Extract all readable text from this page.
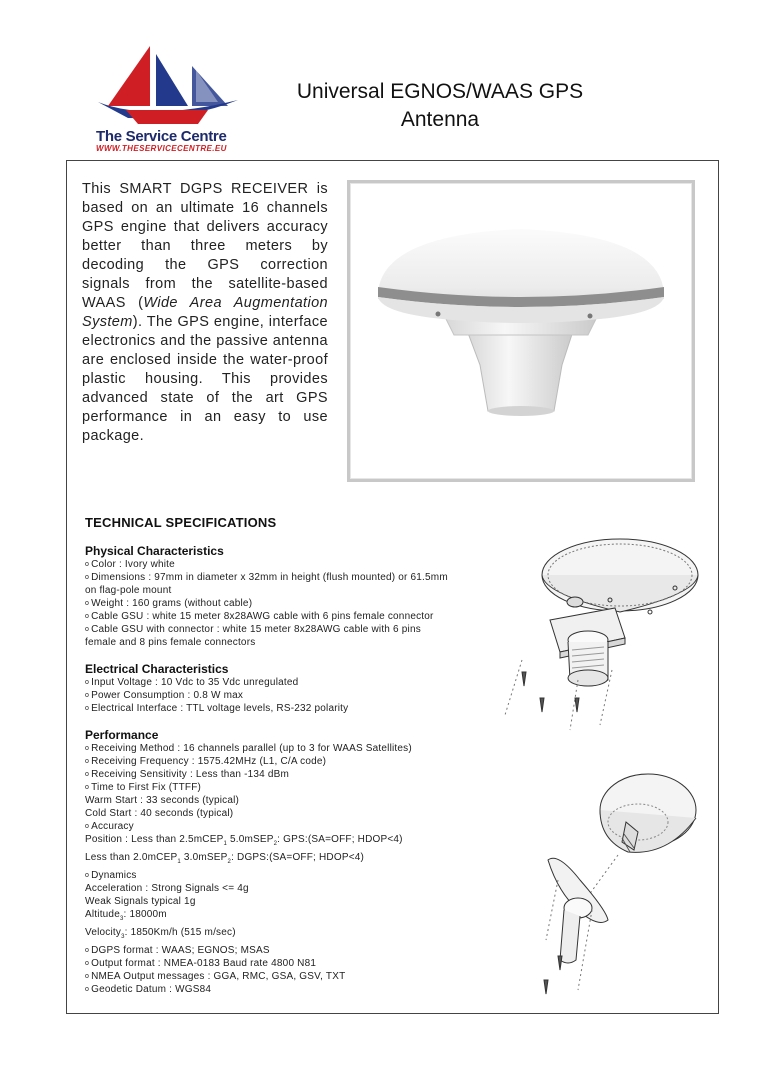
The Service Centre
WWW.THESERVICECENTRE.EU
Universal EGNOS/WAAS GPS
Antenna

This SMART DGPS RECEIVER is based on an ultimate 16 channels GPS engine that delivers accuracy better than three meters by decoding the GPS correction signals from the satellite-based WAAS (Wide Area Augmentation System). The GPS engine, interface electronics and the passive antenna are enclosed inside the water-proof plastic housing. This provides advanced state of the art GPS performance in an easy to use package.

TECHNICAL SPECIFICATIONS
Physical Characteristics
o Color : Ivory white
o Dimensions : 97mm in diameter x 32mm in height (flush mounted) or 61.5mm on flag-pole mount
o Weight : 160 grams (without cable)
o Cable GSU : white 15 meter 8x28AWG cable with 6 pins female connector
o Cable GSU with connector : white 15 meter 8x28AWG cable with 6 pins female and 8 pins female connectors
Electrical Characteristics
o Input Voltage : 10 Vdc to 35 Vdc unregulated
o Power Consumption : 0.8 W max
o Electrical Interface : TTL voltage levels, RS-232 polarity
Performance
o Receiving Method : 16 channels parallel (up to 3 for WAAS Satellites)
o Receiving Frequency : 1575.42MHz (L1, C/A code)
o Receiving Sensitivity : Less than -134 dBm
o Time to First Fix (TTFF)
Warm Start : 33 seconds (typical)
Cold Start : 40 seconds (typical)
o Accuracy
Position : Less than 2.5mCEP$_1$ 5.0mSEP$_2$: GPS:(SA=OFF; HDOP<4)
Less than 2.0mCEP$_1$ 3.0mSEP$_2$: DGPS:(SA=OFF; HDOP<4)
o Dynamics
Acceleration : Strong Signals <= 4g
Weak Signals typical 1g
Altitude$_3$: 18000m
Velocity$_3$: 1850Km/h (515 m/sec)
o DGPS format : WAAS; EGNOS; MSAS
o Output format : NMEA-0183 Baud rate 4800 N81
o NMEA Output messages : GGA, RMC, GSA, GSV, TXT
o Geodetic Datum : WGS84
